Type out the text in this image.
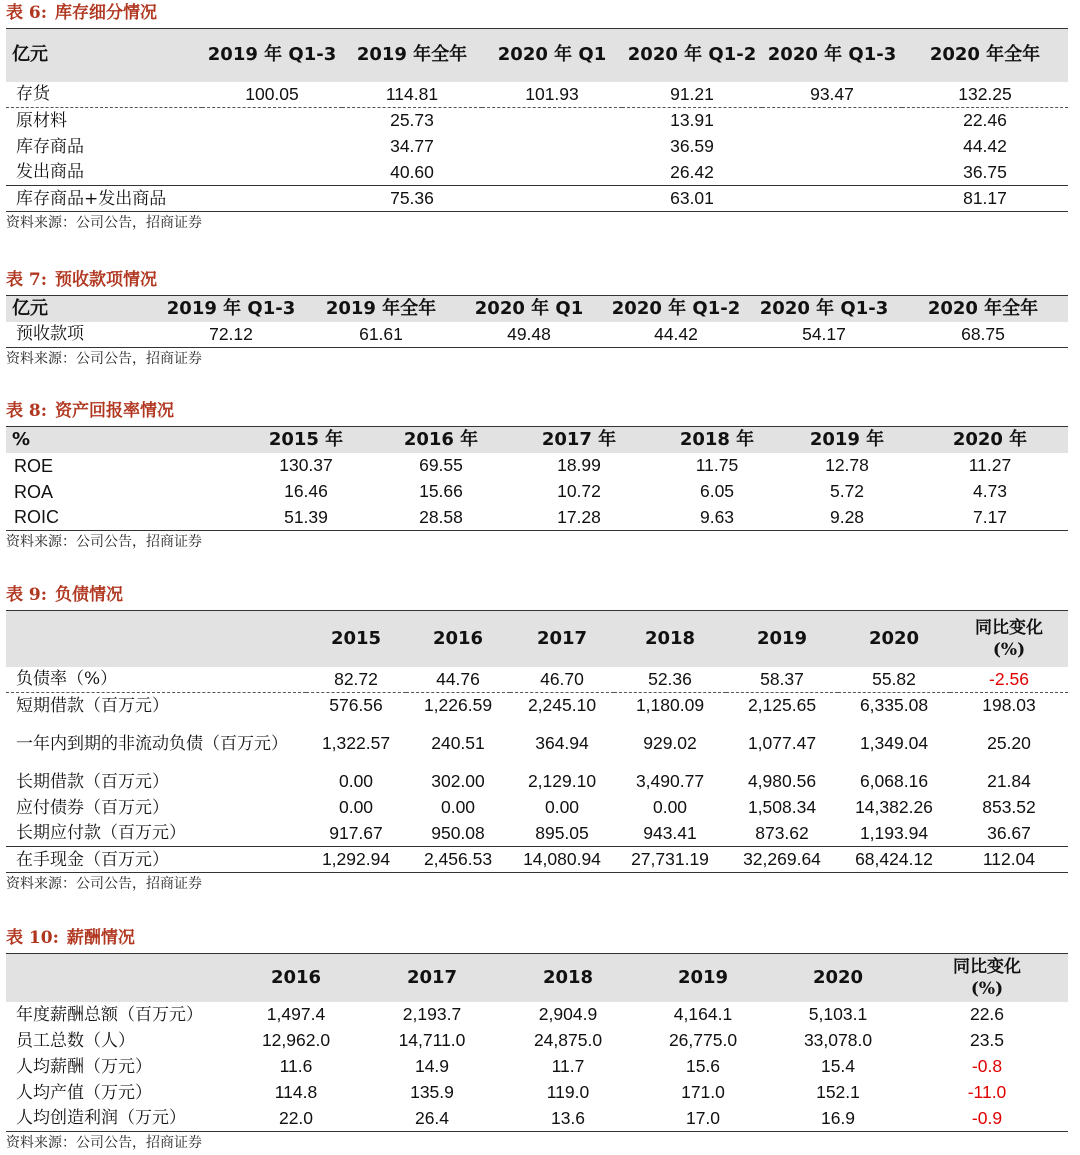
表 6: 库存细分情况
亿元	2019 年 Q1-3	2019 年全年	2020 年 Q1	2020 年 Q1-2	2020 年 Q1-3	2020 年全年
存货	100.05	114.81	101.93	91.21	93.47	132.25
原材料		25.73		13.91		22.46
库存商品		34.77		36.59		44.42
发出商品		40.60		26.42		36.75
库存商品+发出商品		75.36		63.01		81.17
资料来源：公司公告，招商证券
表 7: 预收款项情况
亿元	2019 年 Q1-3	2019 年全年	2020 年 Q1	2020 年 Q1-2	2020 年 Q1-3	2020 年全年
预收款项	72.12	61.61	49.48	44.42	54.17	68.75
资料来源：公司公告，招商证券
表 8: 资产回报率情况
%	2015 年	2016 年	2017 年	2018 年	2019 年	2020 年
ROE	130.37	69.55	18.99	11.75	12.78	11.27
ROA	16.46	15.66	10.72	6.05	5.72	4.73
ROIC	51.39	28.58	17.28	9.63	9.28	7.17
资料来源：公司公告，招商证券
表 9: 负债情况
	2015	2016	2017	2018	2019	2020	同比变化 (%)
负债率（%）	82.72	44.76	46.70	52.36	58.37	55.82	-2.56
短期借款（百万元）	576.56	1,226.59	2,245.10	1,180.09	2,125.65	6,335.08	198.03
一年内到期的非流动负债（百万元）	1,322.57	240.51	364.94	929.02	1,077.47	1,349.04	25.20
长期借款（百万元）	0.00	302.00	2,129.10	3,490.77	4,980.56	6,068.16	21.84
应付债券（百万元）	0.00	0.00	0.00	0.00	1,508.34	14,382.26	853.52
长期应付款（百万元）	917.67	950.08	895.05	943.41	873.62	1,193.94	36.67
在手现金（百万元）	1,292.94	2,456.53	14,080.94	27,731.19	32,269.64	68,424.12	112.04
资料来源：公司公告，招商证券
表 10: 薪酬情况
	2016	2017	2018	2019	2020	同比变化 (%)
年度薪酬总额（百万元）	1,497.4	2,193.7	2,904.9	4,164.1	5,103.1	22.6
员工总数（人）	12,962.0	14,711.0	24,875.0	26,775.0	33,078.0	23.5
人均薪酬（万元）	11.6	14.9	11.7	15.6	15.4	-0.8
人均产值（万元）	114.8	135.9	119.0	171.0	152.1	-11.0
人均创造利润（万元）	22.0	26.4	13.6	17.0	16.9	-0.9
资料来源：公司公告，招商证券
